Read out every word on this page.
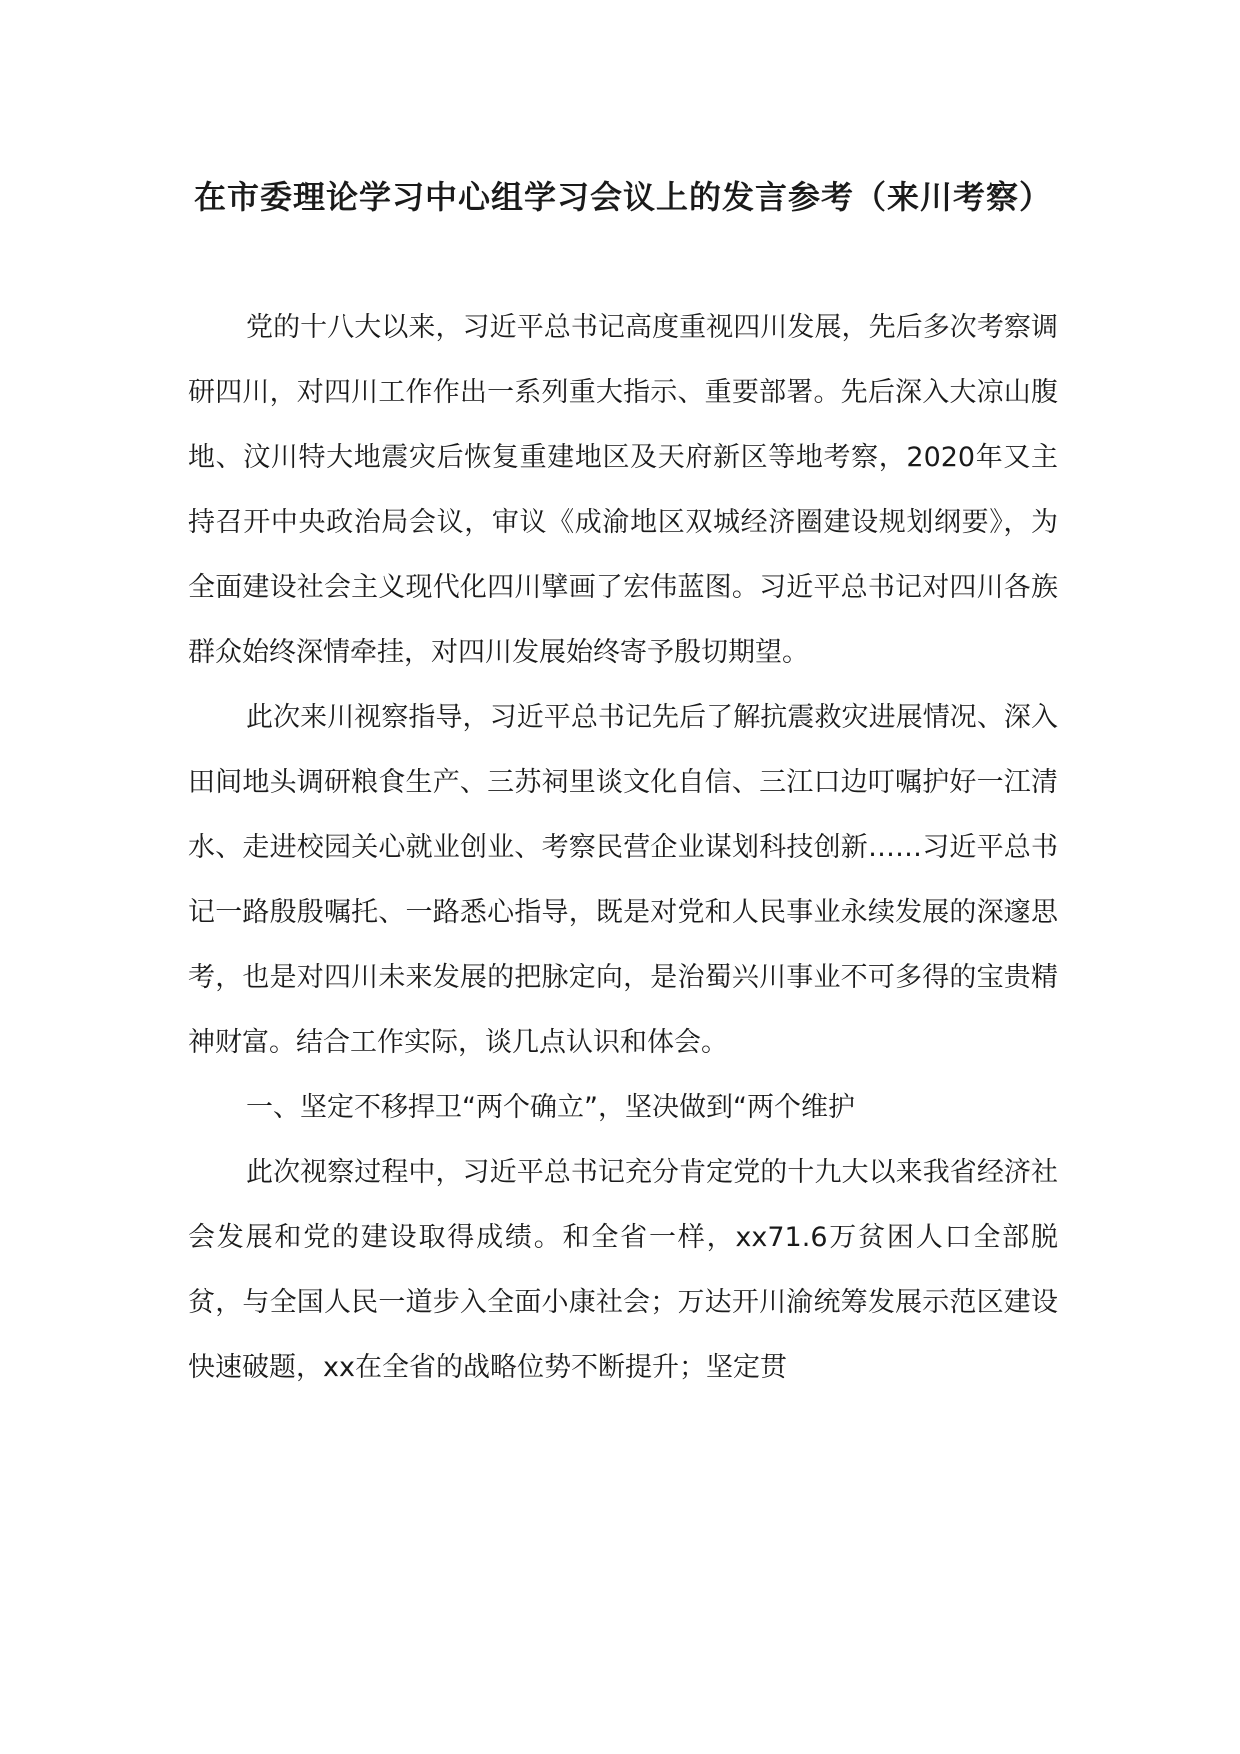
在市委理论学习中心组学习会议上的发言参考（来川考察）

党的十八大以来，习近平总书记高度重视四川发展，先后多次考察调研四川，对四川工作作出一系列重大指示、重要部署。先后深入大凉山腹地、汶川特大地震灾后恢复重建地区及天府新区等地考察，2020年又主持召开中央政治局会议，审议《成渝地区双城经济圈建设规划纲要》，为全面建设社会主义现代化四川擘画了宏伟蓝图。习近平总书记对四川各族群众始终深情牵挂，对四川发展始终寄予殷切期望。

此次来川视察指导，习近平总书记先后了解抗震救灾进展情况、深入田间地头调研粮食生产、三苏祠里谈文化自信、三江口边叮嘱护好一江清水、走进校园关心就业创业、考察民营企业谋划科技创新……习近平总书记一路殷殷嘱托、一路悉心指导，既是对党和人民事业永续发展的深邃思考，也是对四川未来发展的把脉定向，是治蜀兴川事业不可多得的宝贵精神财富。结合工作实际，谈几点认识和体会。

一、坚定不移捍卫“两个确立”，坚决做到“两个维护

此次视察过程中，习近平总书记充分肯定党的十九大以来我省经济社会发展和党的建设取得成绩。和全省一样，xx71.6万贫困人口全部脱贫，与全国人民一道步入全面小康社会；万达开川渝统筹发展示范区建设快速破题，xx在全省的战略位势不断提升；坚定贯
